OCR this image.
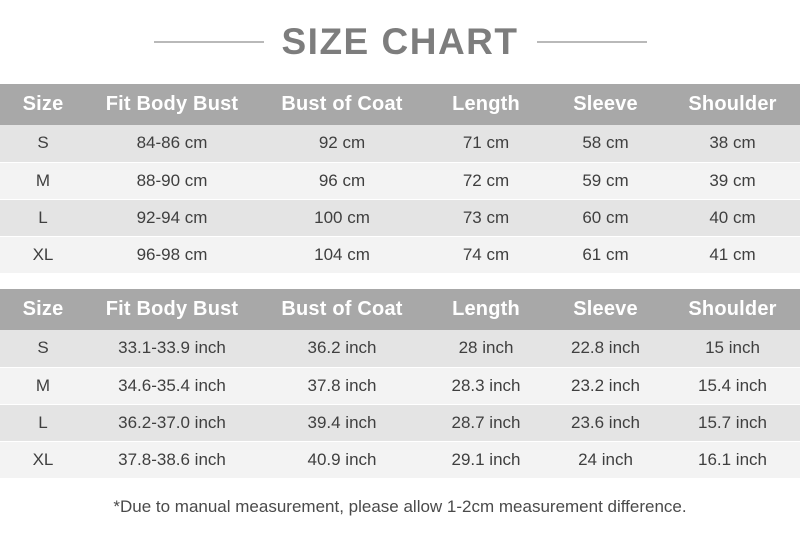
SIZE CHART
Size	Fit Body Bust	Bust of Coat	Length	Sleeve	Shoulder
S	84-86 cm	92 cm	71 cm	58 cm	38 cm
M	88-90 cm	96 cm	72 cm	59 cm	39 cm
L	92-94 cm	100 cm	73 cm	60 cm	40 cm
XL	96-98 cm	104 cm	74 cm	61 cm	41 cm
Size	Fit Body Bust	Bust of Coat	Length	Sleeve	Shoulder
S	33.1-33.9 inch	36.2 inch	28 inch	22.8 inch	15 inch
M	34.6-35.4 inch	37.8 inch	28.3 inch	23.2 inch	15.4 inch
L	36.2-37.0 inch	39.4 inch	28.7 inch	23.6 inch	15.7 inch
XL	37.8-38.6 inch	40.9 inch	29.1 inch	24 inch	16.1 inch
*Due to manual measurement, please allow 1-2cm measurement difference.
